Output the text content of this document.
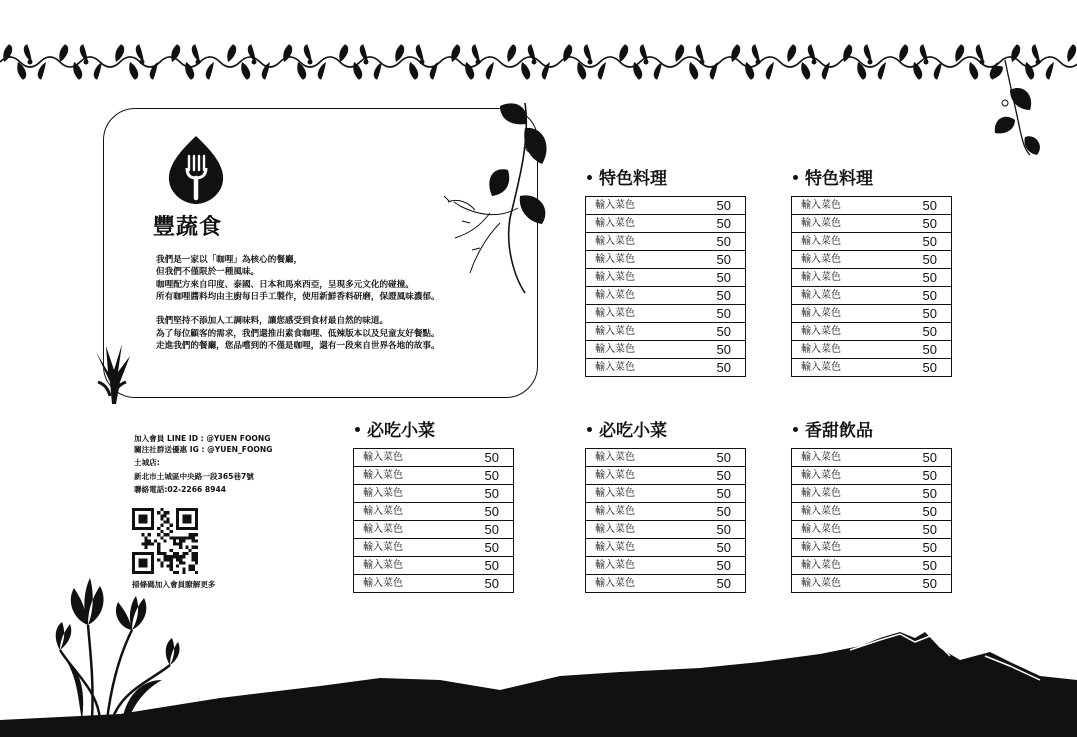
豐蔬食
我們是一家以「咖哩」為核心的餐廳，
但我們不僅限於一種風味。
咖哩配方來自印度、泰國、日本和馬來西亞，呈現多元文化的碰撞。
所有咖哩醬料均由主廚每日手工製作，使用新鮮香料研磨，保證風味濃郁。
我們堅持不添加人工調味料，讓您感受到食材最自然的味道。
為了每位顧客的需求，我們還推出素食咖哩、低辣版本以及兒童友好餐點。
走進我們的餐廳，您品嚐到的不僅是咖哩，還有一段來自世界各地的故事。
加入會員 LINE ID : @YUEN FOONG
關注社群送優惠 IG : @YUEN_FOONG
土城店:
新北市土城區中央路一段365巷7號
聯絡電話:02-2266 8944
掃條碼加入會員瞭解更多
特色料理
輸入菜色	50
輸入菜色	50
輸入菜色	50
輸入菜色	50
輸入菜色	50
輸入菜色	50
輸入菜色	50
輸入菜色	50
輸入菜色	50
輸入菜色	50
特色料理
輸入菜色	50
輸入菜色	50
輸入菜色	50
輸入菜色	50
輸入菜色	50
輸入菜色	50
輸入菜色	50
輸入菜色	50
輸入菜色	50
輸入菜色	50
必吃小菜
輸入菜色	50
輸入菜色	50
輸入菜色	50
輸入菜色	50
輸入菜色	50
輸入菜色	50
輸入菜色	50
輸入菜色	50
必吃小菜
輸入菜色	50
輸入菜色	50
輸入菜色	50
輸入菜色	50
輸入菜色	50
輸入菜色	50
輸入菜色	50
輸入菜色	50
香甜飲品
輸入菜色	50
輸入菜色	50
輸入菜色	50
輸入菜色	50
輸入菜色	50
輸入菜色	50
輸入菜色	50
輸入菜色	50
